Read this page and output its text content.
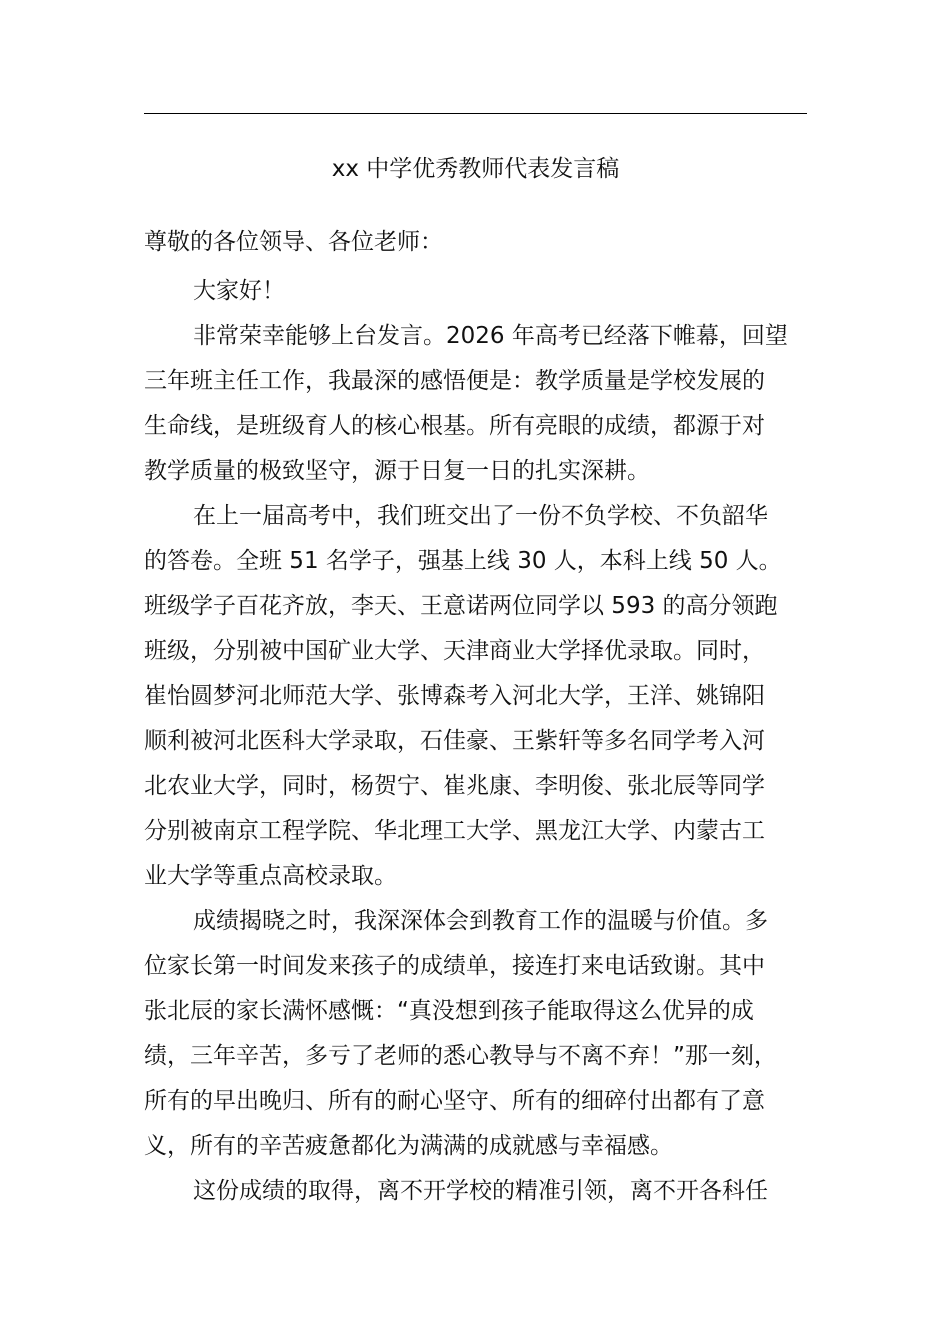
xx 中学优秀教师代表发言稿
尊敬的各位领导、各位老师：
大家好！
非常荣幸能够上台发言。2026 年高考已经落下帷幕，回望
三年班主任工作，我最深的感悟便是：教学质量是学校发展的
生命线，是班级育人的核心根基。所有亮眼的成绩，都源于对
教学质量的极致坚守，源于日复一日的扎实深耕。
在上一届高考中，我们班交出了一份不负学校、不负韶华
的答卷。全班 51 名学子，强基上线 30 人，本科上线 50 人。
班级学子百花齐放，李天、王意诺两位同学以 593 的高分领跑
班级，分别被中国矿业大学、天津商业大学择优录取。同时，
崔怡圆梦河北师范大学、张博森考入河北大学，王洋、姚锦阳
顺利被河北医科大学录取，石佳豪、王紫轩等多名同学考入河
北农业大学，同时，杨贺宁、崔兆康、李明俊、张北辰等同学
分别被南京工程学院、华北理工大学、黑龙江大学、内蒙古工
业大学等重点高校录取。
成绩揭晓之时，我深深体会到教育工作的温暖与价值。多
位家长第一时间发来孩子的成绩单，接连打来电话致谢。其中
张北辰的家长满怀感慨：“真没想到孩子能取得这么优异的成
绩，三年辛苦，多亏了老师的悉心教导与不离不弃！”那一刻，
所有的早出晚归、所有的耐心坚守、所有的细碎付出都有了意
义，所有的辛苦疲惫都化为满满的成就感与幸福感。
这份成绩的取得，离不开学校的精准引领，离不开各科任
